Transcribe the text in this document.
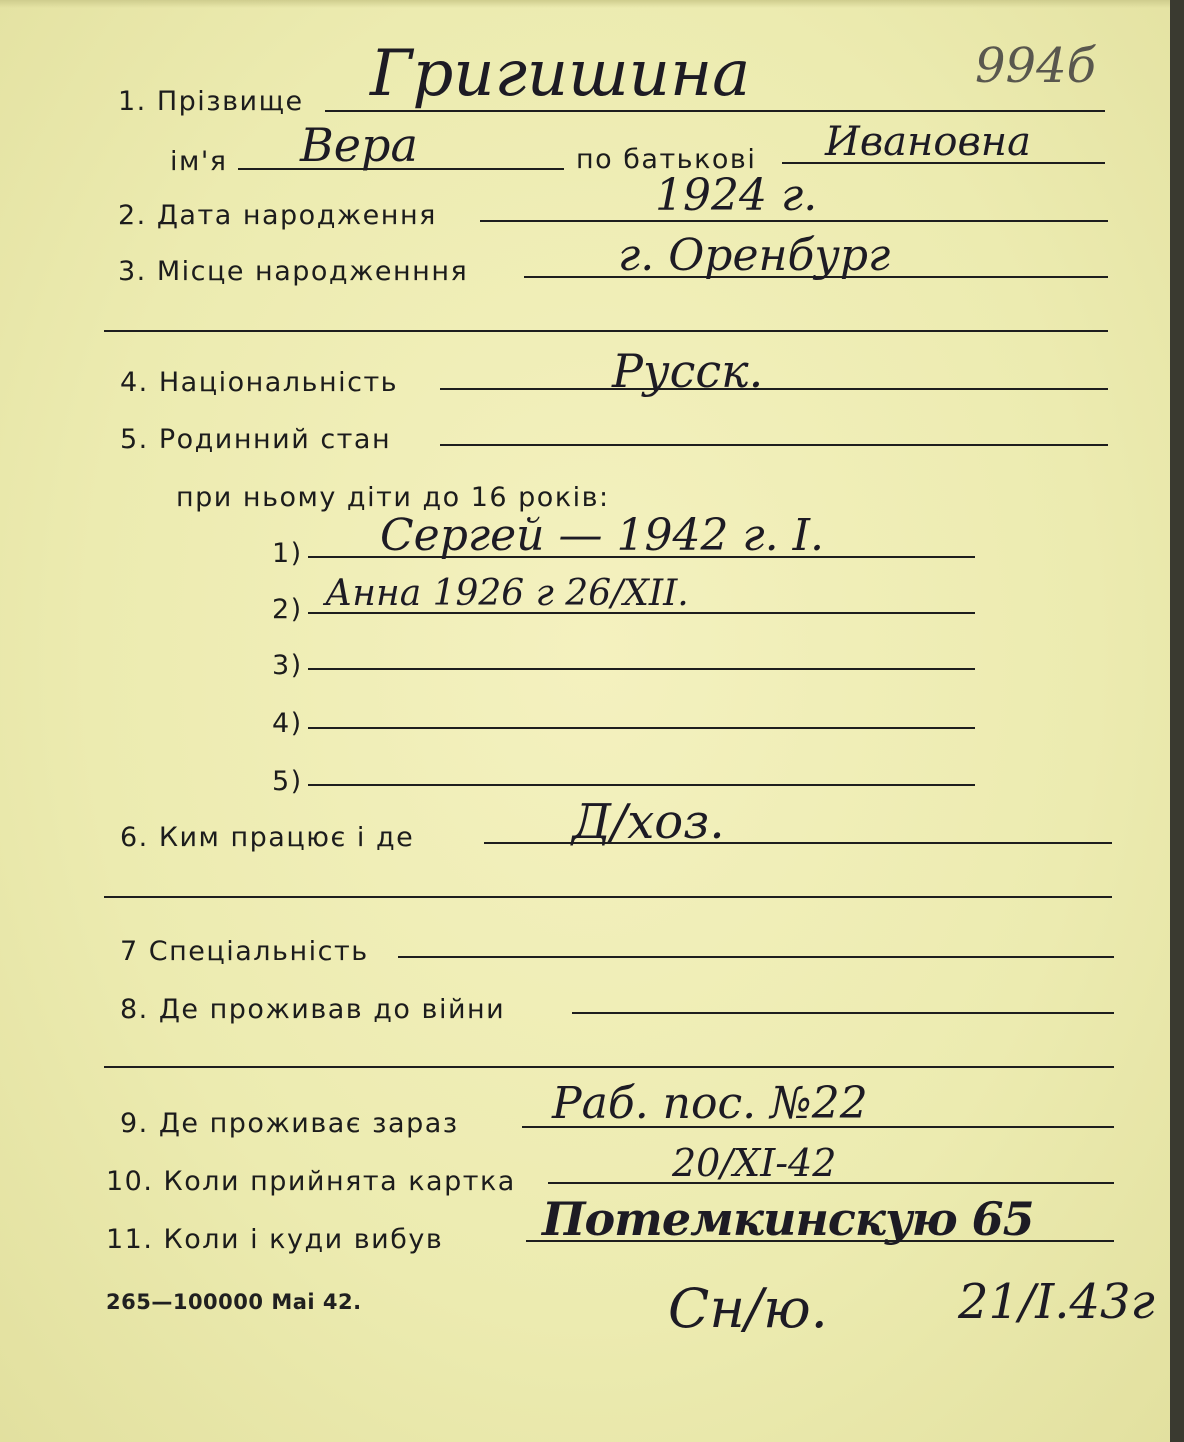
994б
1. Прізвище Григишина
ім'я Вера	по батькові Ивановна
2. Дата народження	1924 г.
3. Місце народженння	г. Оренбург
4. Національність	Русск.
5. Родинний стан
при ньому діти до 16 років:
1) Сергей — 1942 г. I.
2) Анна 1926 г 26/XII.
3)
4)
5)
6. Ким працює і де	Д/хоз.
7 Спеціальність
8. Де проживав до війни
9. Де проживає зараз Раб. пос. №22
10. Коли прийнята картка	20/XI-42
11. Коли і куди вибув Потемкинскую 65
265—100000 Mai 42.	Сн/ю.	21/I.43г
